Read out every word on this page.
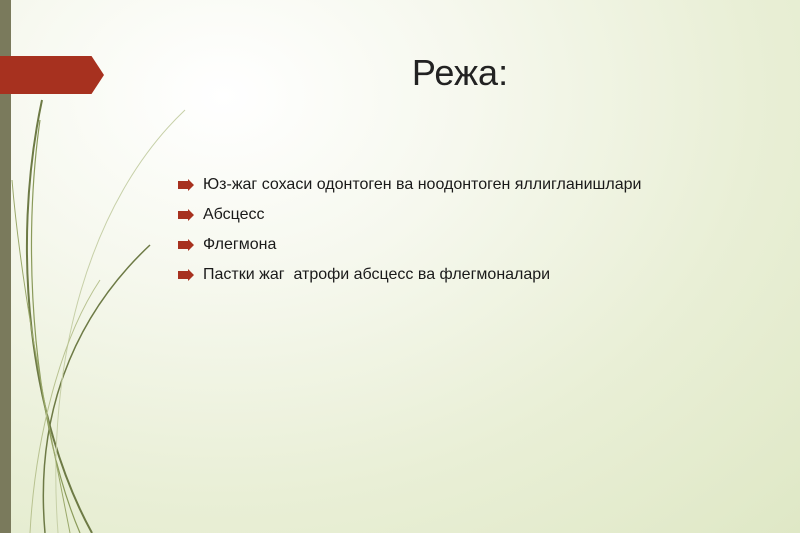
Режа:
Юз-жаг сохаси одонтоген ва ноодонтоген яллигланишлари
Абсцесс
Флегмона
Пастки жаг  атрофи абсцесс ва флегмоналари
